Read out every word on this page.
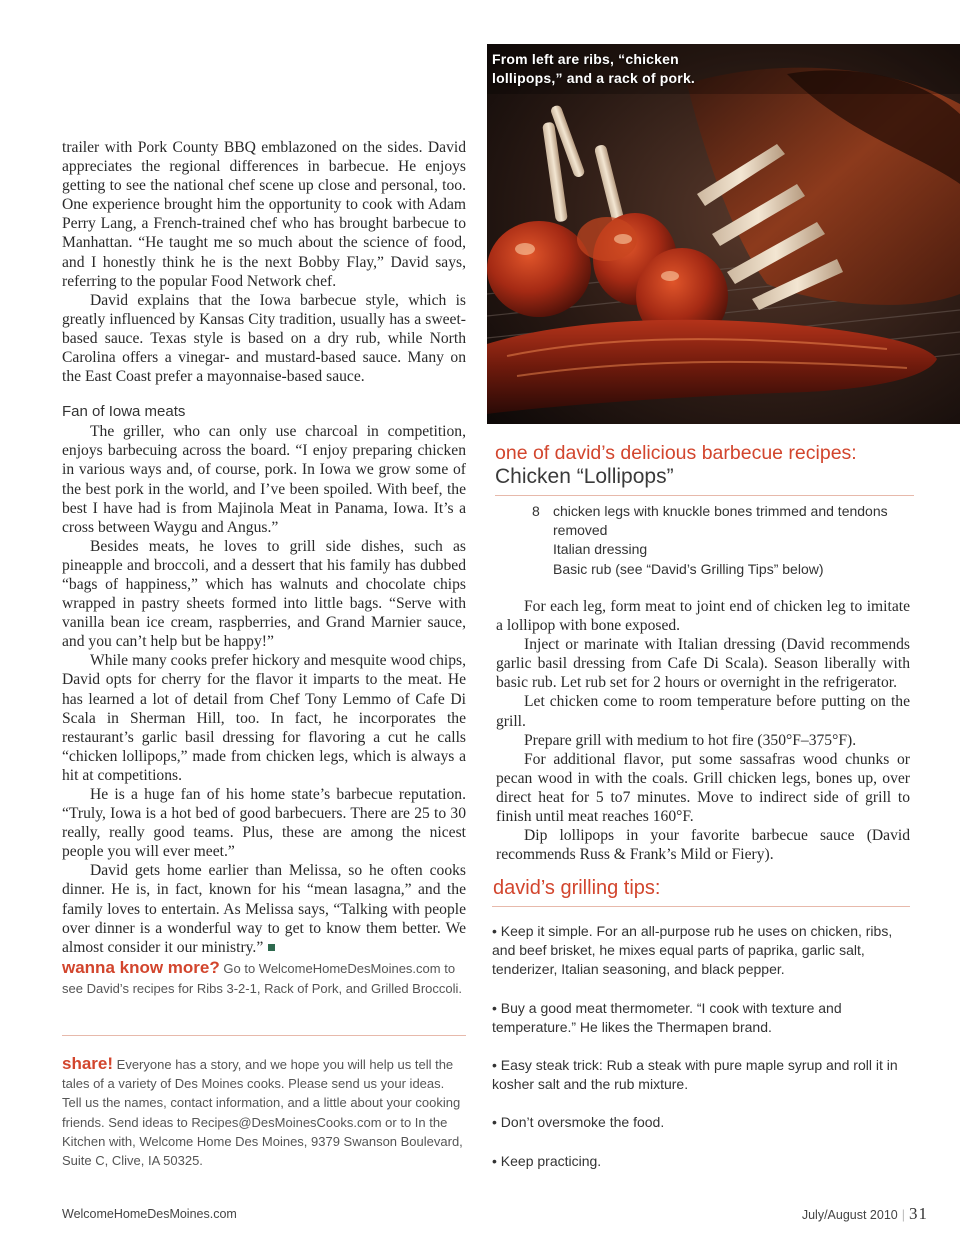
trailer with Pork County BBQ emblazoned on the sides. David appreciates the regional differences in barbecue. He enjoys getting to see the national chef scene up close and personal, too. One experience brought him the opportunity to cook with Adam Perry Lang, a French-trained chef who has brought barbecue to Manhattan. “He taught me so much about the science of food, and I honestly think he is the next Bobby Flay,” David says, referring to the popular Food Network chef.

David explains that the Iowa barbecue style, which is greatly influenced by Kansas City tradition, usually has a sweet-based sauce. Texas style is based on a dry rub, while North Carolina offers a vinegar- and mustard-based sauce. Many on the East Coast prefer a mayonnaise-based sauce.

Fan of Iowa meats

The griller, who can only use charcoal in competition, enjoys barbecuing across the board. “I enjoy preparing chicken in various ways and, of course, pork. In Iowa we grow some of the best pork in the world, and I’ve been spoiled. With beef, the best I have had is from Majinola Meat in Panama, Iowa. It’s a cross between Waygu and Angus.”

Besides meats, he loves to grill side dishes, such as pineapple and broccoli, and a dessert that his family has dubbed “bags of happiness,” which has walnuts and chocolate chips wrapped in pastry sheets formed into little bags. “Serve with vanilla bean ice cream, raspberries, and Grand Marnier sauce, and you can’t help but be happy!”

While many cooks prefer hickory and mesquite wood chips, David opts for cherry for the flavor it imparts to the meat. He has learned a lot of detail from Chef Tony Lemmo of Cafe Di Scala in Sherman Hill, too. In fact, he incorporates the restaurant’s garlic basil dressing for flavoring a cut he calls “chicken lollipops,” made from chicken legs, which is always a hit at competitions.

He is a huge fan of his home state’s barbecue reputation. “Truly, Iowa is a hot bed of good barbecuers. There are 25 to 30 really, really good teams. Plus, these are among the nicest people you will ever meet.”

David gets home earlier than Melissa, so he often cooks dinner. He is, in fact, known for his “mean lasagna,” and the family loves to entertain. As Melissa says, “Talking with people over dinner is a wonderful way to get to know them better. We almost consider it our ministry.”

wanna know more? Go to WelcomeHomeDesMoines.com to see David’s recipes for Ribs 3-2-1, Rack of Pork, and Grilled Broccoli.
share! Everyone has a story, and we hope you will help us tell the tales of a variety of Des Moines cooks. Please send us your ideas. Tell us the names, contact information, and a little about your cooking friends. Send ideas to Recipes@DesMoinesCooks.com or to In the Kitchen with, Welcome Home Des Moines, 9379 Swanson Boulevard, Suite C, Clive, IA 50325.
From left are ribs, “chicken lollipops,” and a rack of pork.
one of david’s delicious barbecue recipes:
Chicken “Lollipops”
8 chicken legs with knuckle bones trimmed and tendons removed
Italian dressing
Basic rub (see “David’s Grilling Tips” below)

For each leg, form meat to joint end of chicken leg to imitate a lollipop with bone exposed.

Inject or marinate with Italian dressing (David recommends garlic basil dressing from Cafe Di Scala). Season liberally with basic rub. Let rub set for 2 hours or overnight in the refrigerator.

Let chicken come to room temperature before putting on the grill.

Prepare grill with medium to hot fire (350°F–375°F).

For additional flavor, put some sassafras wood chunks or pecan wood in with the coals. Grill chicken legs, bones up, over direct heat for 5 to7 minutes. Move to indirect side of grill to finish until meat reaches 160°F.

Dip lollipops in your favorite barbecue sauce (David recommends Russ & Frank’s Mild or Fiery).

david’s grilling tips:

• Keep it simple. For an all-purpose rub he uses on chicken, ribs, and beef brisket, he mixes equal parts of paprika, garlic salt, tenderizer, Italian seasoning, and black pepper.

• Buy a good meat thermometer. “I cook with texture and temperature.” He likes the Thermapen brand.

• Easy steak trick: Rub a steak with pure maple syrup and roll it in kosher salt and the rub mixture.

• Don’t oversmoke the food.

• Keep practicing.

WelcomeHomeDesMoines.com	July/August 2010 | 31
